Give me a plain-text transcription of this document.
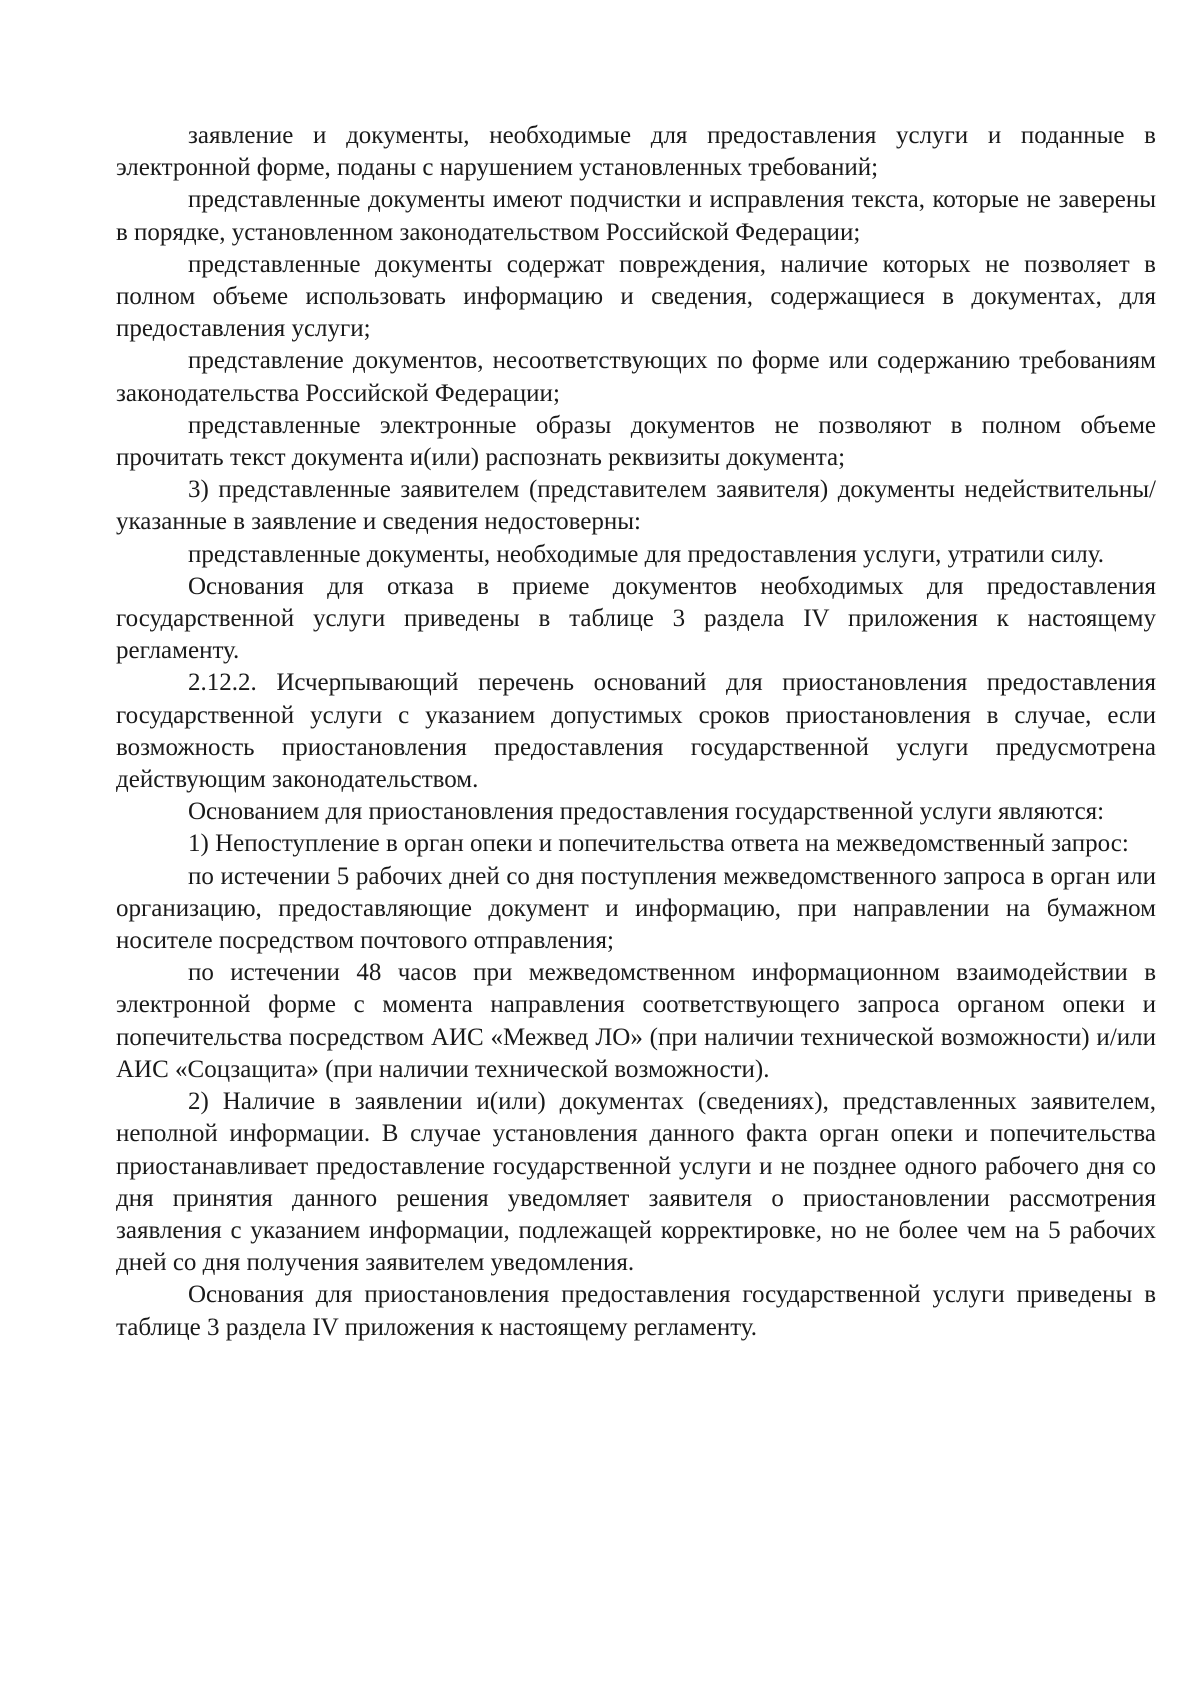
заявление и документы, необходимые для предоставления услуги и поданные в электронной форме, поданы с нарушением установленных требований;

представленные документы имеют подчистки и исправления текста, которые не заверены в порядке, установленном законодательством Российской Федерации;

представленные документы содержат повреждения, наличие которых не позволяет в полном объеме использовать информацию и сведения, содержащиеся в документах, для предоставления услуги;

представление документов, несоответствующих по форме или содержанию требованиям законодательства Российской Федерации;

представленные электронные образы документов не позволяют в полном объеме прочитать текст документа и(или) распознать реквизиты документа;

3) представленные заявителем (представителем заявителя) документы недействительны/указанные в заявление и сведения недостоверны:

представленные документы, необходимые для предоставления услуги, утратили силу.

Основания для отказа в приеме документов необходимых для предоставления государственной услуги приведены в таблице 3 раздела IV приложения к настоящему регламенту.

2.12.2. Исчерпывающий перечень оснований для приостановления предоставления государственной услуги с указанием допустимых сроков приостановления в случае, если возможность приостановления предоставления государственной услуги предусмотрена действующим законодательством.

Основанием для приостановления предоставления государственной услуги являются:

1) Непоступление в орган опеки и попечительства ответа на межведомственный запрос:

по истечении 5 рабочих дней со дня поступления межведомственного запроса в орган или организацию, предоставляющие документ и информацию, при направлении на бумажном носителе посредством почтового отправления;

по истечении 48 часов при межведомственном информационном взаимодействии в электронной форме с момента направления соответствующего запроса органом опеки и попечительства посредством АИС «Межвед ЛО» (при наличии технической возможности) и/или АИС «Соцзащита» (при наличии технической возможности).

2) Наличие в заявлении и(или) документах (сведениях), представленных заявителем, неполной информации. В случае установления данного факта орган опеки и попечительства приостанавливает предоставление государственной услуги и не позднее одного рабочего дня со дня принятия данного решения уведомляет заявителя о приостановлении рассмотрения заявления с указанием информации, подлежащей корректировке, но не более чем на 5 рабочих дней со дня получения заявителем уведомления.

Основания для приостановления предоставления государственной услуги приведены в таблице 3 раздела IV приложения к настоящему регламенту.
